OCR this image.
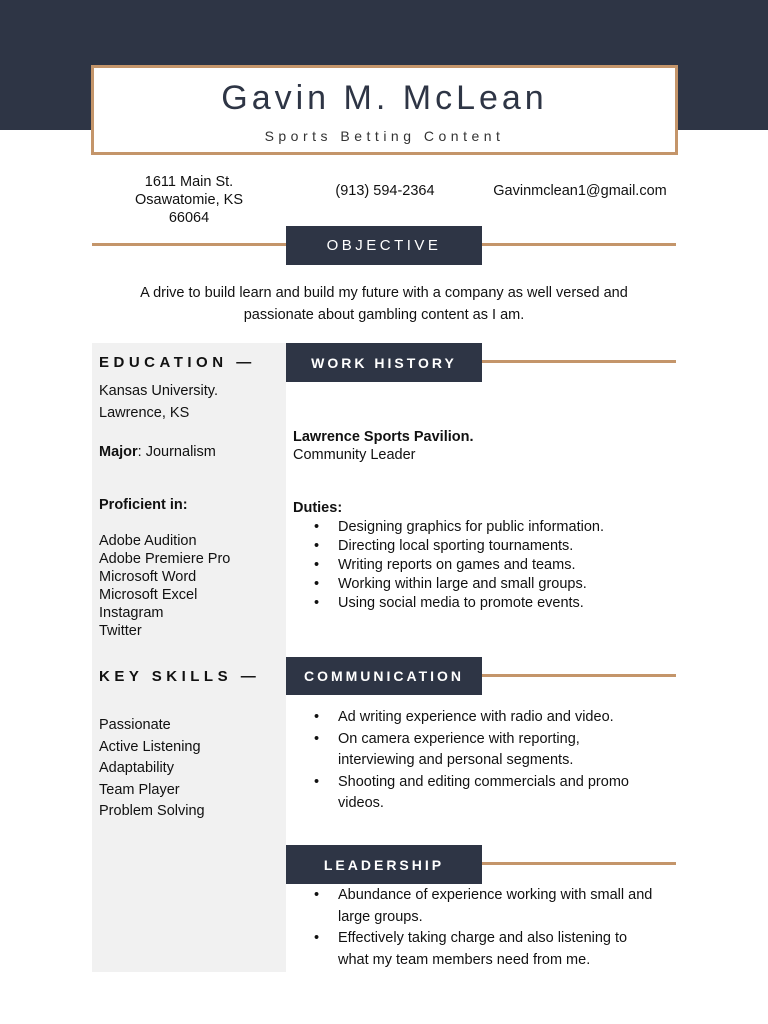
Gavin M. McLean
Sports Betting Content
1611 Main St.
Osawatomie, KS
66064
(913) 594-2364	Gavinmclean1@gmail.com
OBJECTIVE
A drive to build learn and build my future with a company as well versed and passionate about gambling content as I am.
EDUCATION —
Kansas University.
Lawrence, KS
Major: Journalism
Proficient in:
Adobe Audition
Adobe Premiere Pro
Microsoft Word
Microsoft Excel
Instagram
Twitter
KEY SKILLS —
Passionate
Active Listening
Adaptability
Team Player
Problem Solving
WORK HISTORY
Lawrence Sports Pavilion.
Community Leader
Duties:
• Designing graphics for public information.
• Directing local sporting tournaments.
• Writing reports on games and teams.
• Working within large and small groups.
• Using social media to promote events.
COMMUNICATION
• Ad writing experience with radio and video.
• On camera experience with reporting, interviewing and personal segments.
• Shooting and editing commercials and promo videos.
LEADERSHIP
• Abundance of experience working with small and large groups.
• Effectively taking charge and also listening to what my team members need from me.
